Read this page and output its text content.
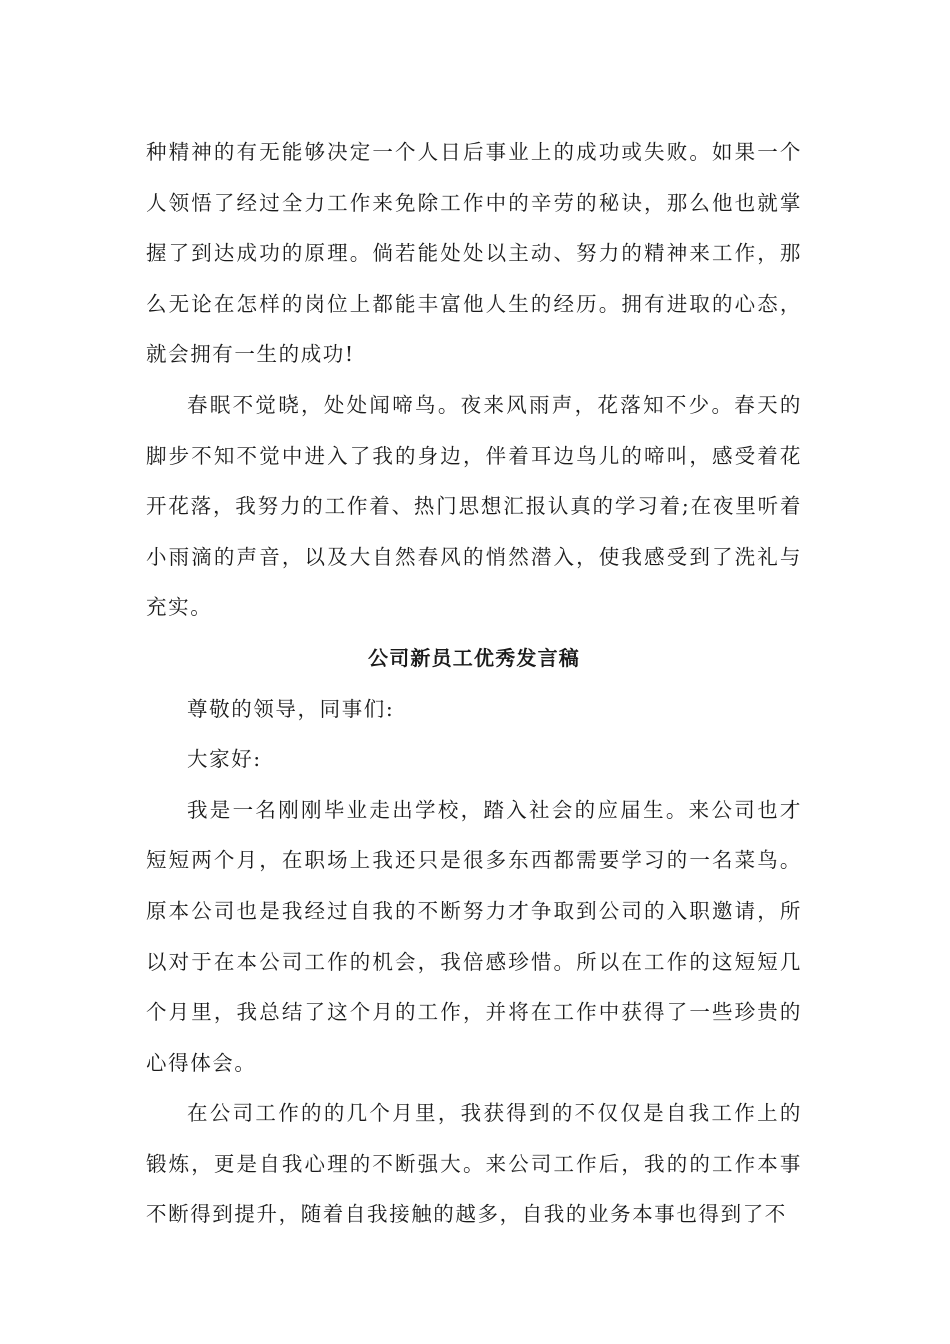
种精神的有无能够决定一个人日后事业上的成功或失败。如果一个人领悟了经过全力工作来免除工作中的辛劳的秘诀，那么他也就掌握了到达成功的原理。倘若能处处以主动、努力的精神来工作，那么无论在怎样的岗位上都能丰富他人生的经历。拥有进取的心态，就会拥有一生的成功!

春眠不觉晓，处处闻啼鸟。夜来风雨声，花落知不少。春天的脚步不知不觉中进入了我的身边，伴着耳边鸟儿的啼叫，感受着花开花落，我努力的工作着、热门思想汇报认真的学习着;在夜里听着小雨滴的声音，以及大自然春风的悄然潜入，使我感受到了洗礼与充实。

公司新员工优秀发言稿

尊敬的领导，同事们:

大家好:

我是一名刚刚毕业走出学校，踏入社会的应届生。来公司也才短短两个月，在职场上我还只是很多东西都需要学习的一名菜鸟。原本公司也是我经过自我的不断努力才争取到公司的入职邀请，所以对于在本公司工作的机会，我倍感珍惜。所以在工作的这短短几个月里，我总结了这个月的工作，并将在工作中获得了一些珍贵的心得体会。

在公司工作的的几个月里，我获得到的不仅仅是自我工作上的锻炼，更是自我心理的不断强大。来公司工作后，我的的工作本事不断得到提升，随着自我接触的越多，自我的业务本事也得到了不
